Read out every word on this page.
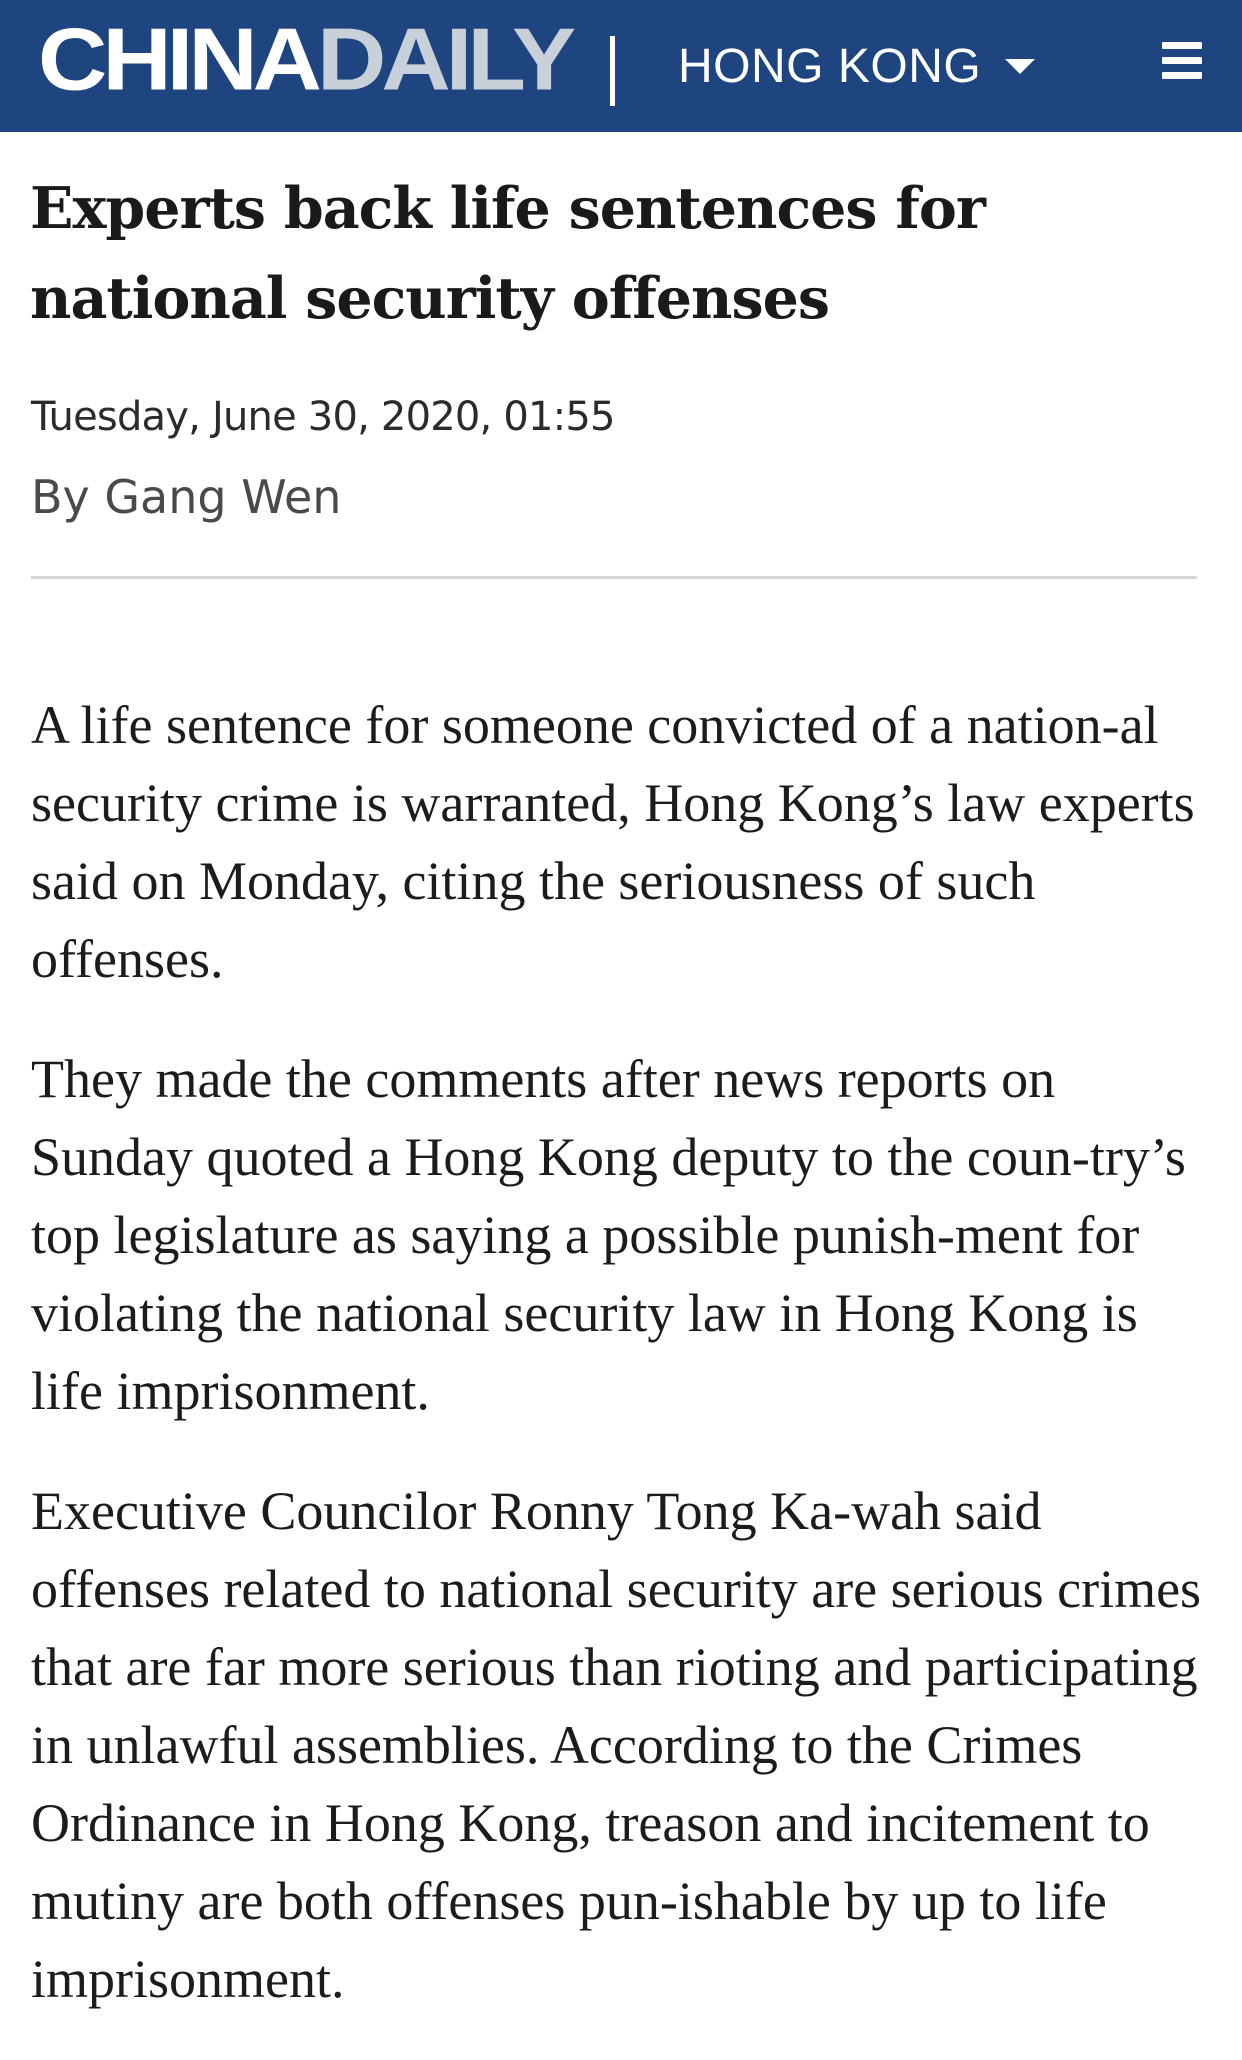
CHINADAILY HONG KONG
Experts back life sentences for national security offenses
Tuesday, June 30, 2020, 01:55
By Gang Wen

A life sentence for someone convicted of a nation-al security crime is warranted, Hong Kong’s law experts said on Monday, citing the seriousness of such offenses.

They made the comments after news reports on Sunday quoted a Hong Kong deputy to the coun-try’s top legislature as saying a possible punish-ment for violating the national security law in Hong Kong is life imprisonment.

Executive Councilor Ronny Tong Ka-wah said offenses related to national security are serious crimes that are far more serious than rioting and participating in unlawful assemblies. According to the Crimes Ordinance in Hong Kong, treason and incitement to mutiny are both offenses pun-ishable by up to life imprisonment.
